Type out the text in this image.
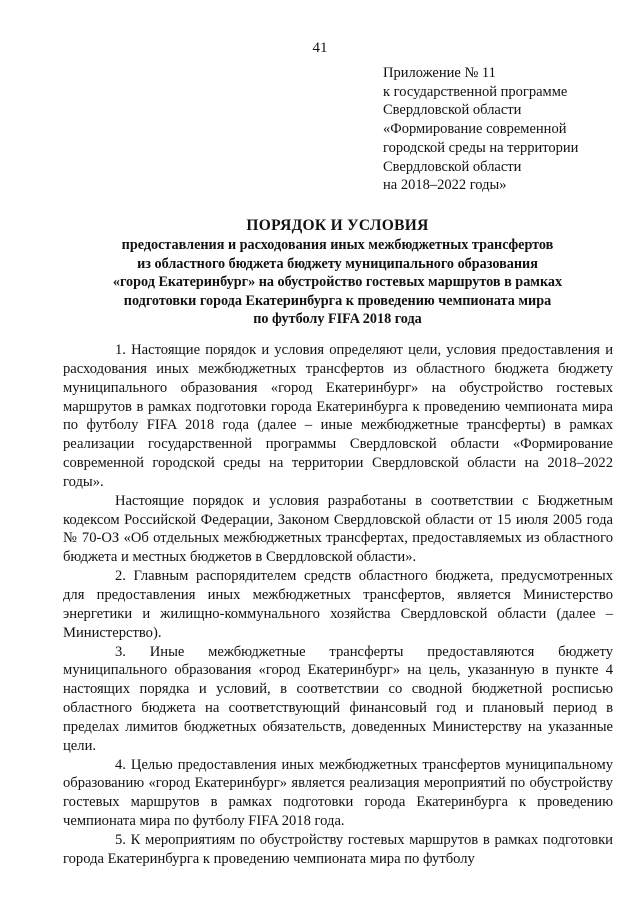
41
Приложение № 11
к государственной программе
Свердловской области
«Формирование современной
городской среды на территории
Свердловской области
на 2018–2022 годы»
ПОРЯДОК И УСЛОВИЯ
предоставления и расходования иных межбюджетных трансфертов
из областного бюджета бюджету муниципального образования
«город Екатеринбург» на обустройство гостевых маршрутов в рамках
подготовки города Екатеринбурга к проведению чемпионата мира
по футболу FIFA 2018 года

1. Настоящие порядок и условия определяют цели, условия предоставления и расходования иных межбюджетных трансфертов из областного бюджета бюджету муниципального образования «город Екатеринбург» на обустройство гостевых маршрутов в рамках подготовки города Екатеринбурга к проведению чемпионата мира по футболу FIFA 2018 года (далее – иные межбюджетные трансферты) в рамках реализации государственной программы Свердловской области «Формирование современной городской среды на территории Свердловской области на 2018–2022 годы».

Настоящие порядок и условия разработаны в соответствии с Бюджетным кодексом Российской Федерации, Законом Свердловской области от 15 июля 2005 года № 70-ОЗ «Об отдельных межбюджетных трансфертах, предоставляемых из областного бюджета и местных бюджетов в Свердловской области».

2. Главным распорядителем средств областного бюджета, предусмотренных для предоставления иных межбюджетных трансфертов, является Министерство энергетики и жилищно-коммунального хозяйства Свердловской области (далее – Министерство).

3. Иные межбюджетные трансферты предоставляются бюджету муниципального образования «город Екатеринбург» на цель, указанную в пункте 4 настоящих порядка и условий, в соответствии со сводной бюджетной росписью областного бюджета на соответствующий финансовый год и плановый период в пределах лимитов бюджетных обязательств, доведенных Министерству на указанные цели.

4. Целью предоставления иных межбюджетных трансфертов муниципальному образованию «город Екатеринбург» является реализация мероприятий по обустройству гостевых маршрутов в рамках подготовки города Екатеринбурга к проведению чемпионата мира по футболу FIFA 2018 года.

5. К мероприятиям по обустройству гостевых маршрутов в рамках подготовки города Екатеринбурга к проведению чемпионата мира по футболу
